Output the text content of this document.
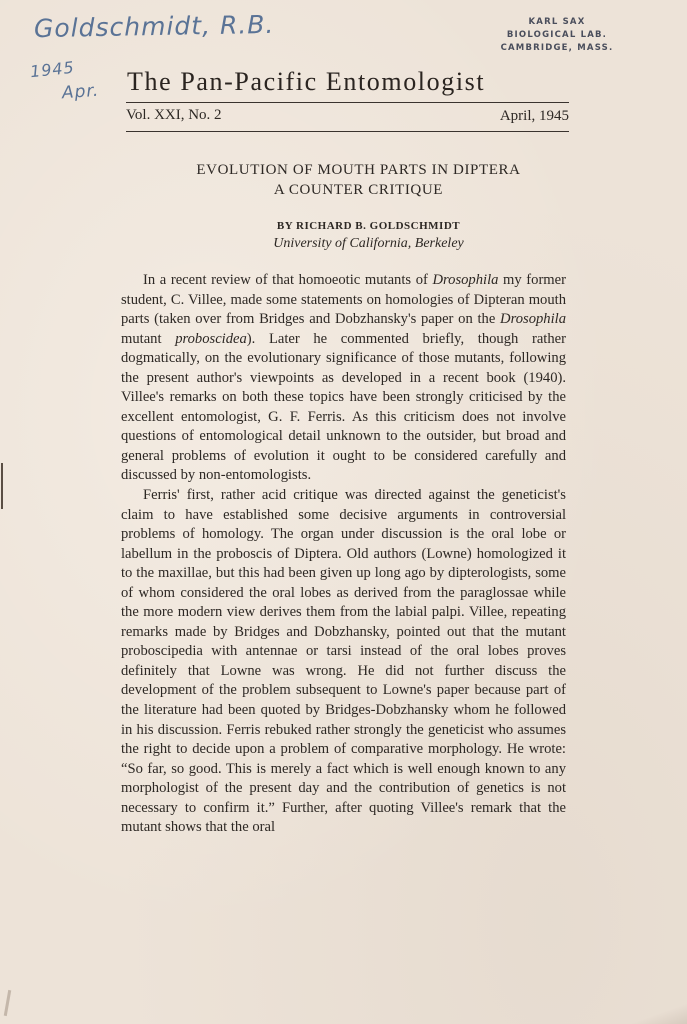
Goldschmidt, R.B.
1945
Apr.
KARL SAX
BIOLOGICAL LAB.
CAMBRIDGE, MASS.
The Pan-Pacific Entomologist
Vol. XXI, No. 2	April, 1945
EVOLUTION OF MOUTH PARTS IN DIPTERA
A COUNTER CRITIQUE
BY RICHARD B. GOLDSCHMIDT
University of California, Berkeley

In a recent review of that homoeotic mutants of Drosophila my former student, C. Villee, made some statements on homologies of Dipteran mouth parts (taken over from Bridges and Dobzhansky's paper on the Drosophila mutant proboscidea). Later he commented briefly, though rather dogmatically, on the evolutionary significance of those mutants, following the present author's viewpoints as developed in a recent book (1940). Villee's remarks on both these topics have been strongly criticised by the excellent entomologist, G. F. Ferris. As this criticism does not involve questions of entomological detail unknown to the outsider, but broad and general problems of evolution it ought to be considered carefully and discussed by non-entomologists.

Ferris' first, rather acid critique was directed against the geneticist's claim to have established some decisive arguments in controversial problems of homology. The organ under discussion is the oral lobe or labellum in the proboscis of Diptera. Old authors (Lowne) homologized it to the maxillae, but this had been given up long ago by dipterologists, some of whom considered the oral lobes as derived from the paraglossae while the more modern view derives them from the labial palpi. Villee, repeating remarks made by Bridges and Dobzhansky, pointed out that the mutant proboscipedia with antennae or tarsi instead of the oral lobes proves definitely that Lowne was wrong. He did not further discuss the development of the problem subsequent to Lowne's paper because part of the literature had been quoted by Bridges-Dobzhansky whom he followed in his discussion. Ferris rebuked rather strongly the geneticist who assumes the right to decide upon a problem of comparative morphology. He wrote: “So far, so good. This is merely a fact which is well enough known to any morphologist of the present day and the contribution of genetics is not necessary to confirm it.” Further, after quoting Villee's remark that the mutant shows that the oral
